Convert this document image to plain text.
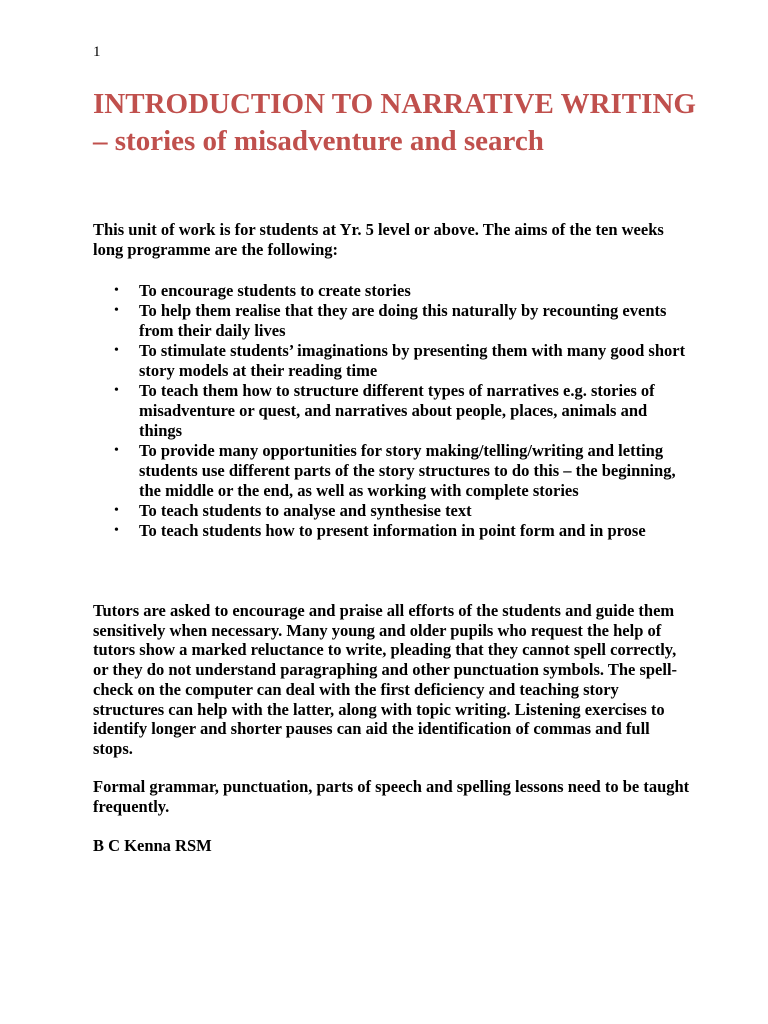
1
INTRODUCTION TO NARRATIVE WRITING – stories of misadventure and search

This unit of work is for students at Yr. 5 level or above. The aims of the ten weeks long programme are the following:

• To encourage students to create stories
• To help them realise that they are doing this naturally by recounting events from their daily lives
• To stimulate students’ imaginations by presenting them with many good short story models at their reading time
• To teach them how to structure different types of narratives e.g. stories of misadventure or quest, and narratives about people, places, animals and things
• To provide many opportunities for story making/telling/writing and letting students use different parts of the story structures to do this – the beginning, the middle or the end, as well as working with complete stories
• To teach students to analyse and synthesise text
• To teach students how to present information in point form and in prose

Tutors are asked to encourage and praise all efforts of the students and guide them sensitively when necessary. Many young and older pupils who request the help of tutors show a marked reluctance to write, pleading that they cannot spell correctly, or they do not understand paragraphing and other punctuation symbols. The spell-check on the computer can deal with the first deficiency and teaching story structures can help with the latter, along with topic writing. Listening exercises to identify longer and shorter pauses can aid the identification of commas and full stops.

Formal grammar, punctuation, parts of speech and spelling lessons need to be taught frequently.

B C Kenna RSM
